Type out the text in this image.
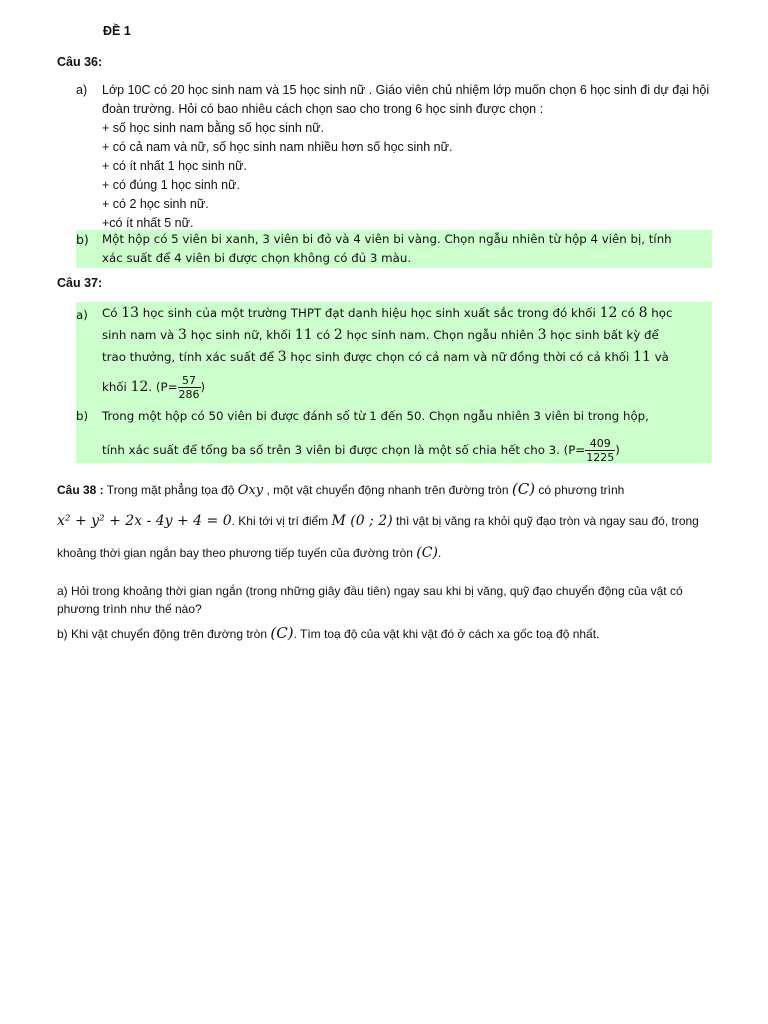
ĐỀ 1
Câu 36:
a) Lớp 10C có 20 học sinh nam và 15 học sinh nữ . Giáo viên chủ nhiệm lớp muốn chọn 6 học sinh đi dự đại hội
đoàn trường. Hỏi có bao nhiêu cách chọn sao cho trong 6 học sinh được chọn :
+ số học sinh nam bằng số học sinh nữ.
+ có cả nam và nữ, số học sinh nam nhiều hơn số học sinh nữ.
+ có ít nhất 1 học sinh nữ.
+ có đúng 1 học sinh nữ.
+ có 2 học sinh nữ.
+có ít nhất 5 nữ.
b) Một hộp có 5 viên bi xanh, 3 viên bi đỏ và 4 viên bi vàng. Chọn ngẫu nhiên từ hộp 4 viên bị, tính
xác suất để 4 viên bi được chọn không có đủ 3 màu.
Câu 37:
a) Có 13 học sinh của một trường THPT đạt danh hiệu học sinh xuất sắc trong đó khối 12 có 8 học
sinh nam và 3 học sinh nữ, khối 11 có 2 học sinh nam. Chọn ngẫu nhiên 3 học sinh bất kỳ để
trao thưởng, tính xác suất để 3 học sinh được chọn có cả nam và nữ đồng thời có cả khối 11 và
khối 12. ($P= \frac{57}{286}$ )
b) Trong một hộp có 50 viên bi được đánh số từ 1 đến 50. Chọn ngẫu nhiên 3 viên bi trong hộp,
tính xác suất để tổng ba số trên 3 viên bi được chọn là một số chia hết cho 3. ($P= \frac{409}{1225}$ )
Câu 38 : Trong mặt phẳng tọa độ Oxy , một vật chuyển động nhanh trên đường tròn (C) có phương trình
x² + y² + 2x - 4y + 4 = 0. Khi tới vị trí điểm M (0 ; 2) thì vật bị văng ra khỏi quỹ đạo tròn và ngay sau đó, trong
khoảng thời gian ngắn bay theo phương tiếp tuyến của đường tròn (C).
a) Hỏi trong khoảng thời gian ngắn (trong những giây đầu tiên) ngay sau khi bị văng, quỹ đạo chuyển động của vật có phương trình như thế nào?
b) Khi vật chuyển động trên đường tròn (C). Tìm toạ độ của vật khi vật đó ở cách xa gốc toạ độ nhất.
